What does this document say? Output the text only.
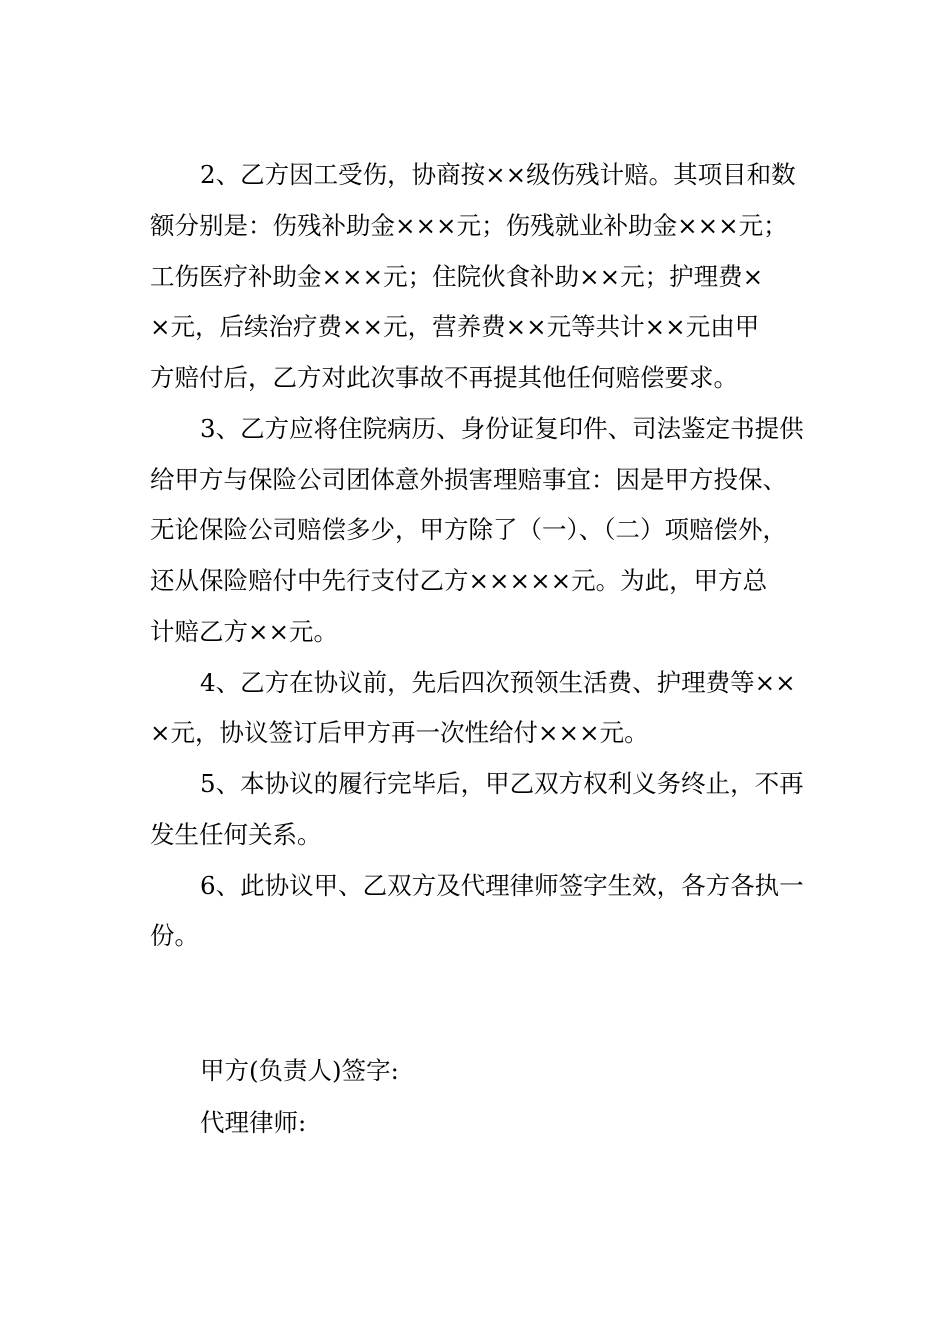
2、乙方因工受伤，协商按××级伤残计赔。其项目和数
额分别是：伤残补助金×××元；伤残就业补助金×××元；
工伤医疗补助金×××元；住院伙食补助××元；护理费×
×元，后续治疗费××元，营养费××元等共计××元由甲
方赔付后，乙方对此次事故不再提其他任何赔偿要求。
3、乙方应将住院病历、身份证复印件、司法鉴定书提供
给甲方与保险公司团体意外损害理赔事宜：因是甲方投保、
无论保险公司赔偿多少，甲方除了（一）、（二）项赔偿外，
还从保险赔付中先行支付乙方×××××元。为此，甲方总
计赔乙方××元。
4、乙方在协议前，先后四次预领生活费、护理费等××
×元，协议签订后甲方再一次性给付×××元。
5、本协议的履行完毕后，甲乙双方权利义务终止，不再
发生任何关系。
6、此协议甲、乙双方及代理律师签字生效，各方各执一
份。
甲方(负责人)签字:
代理律师:
